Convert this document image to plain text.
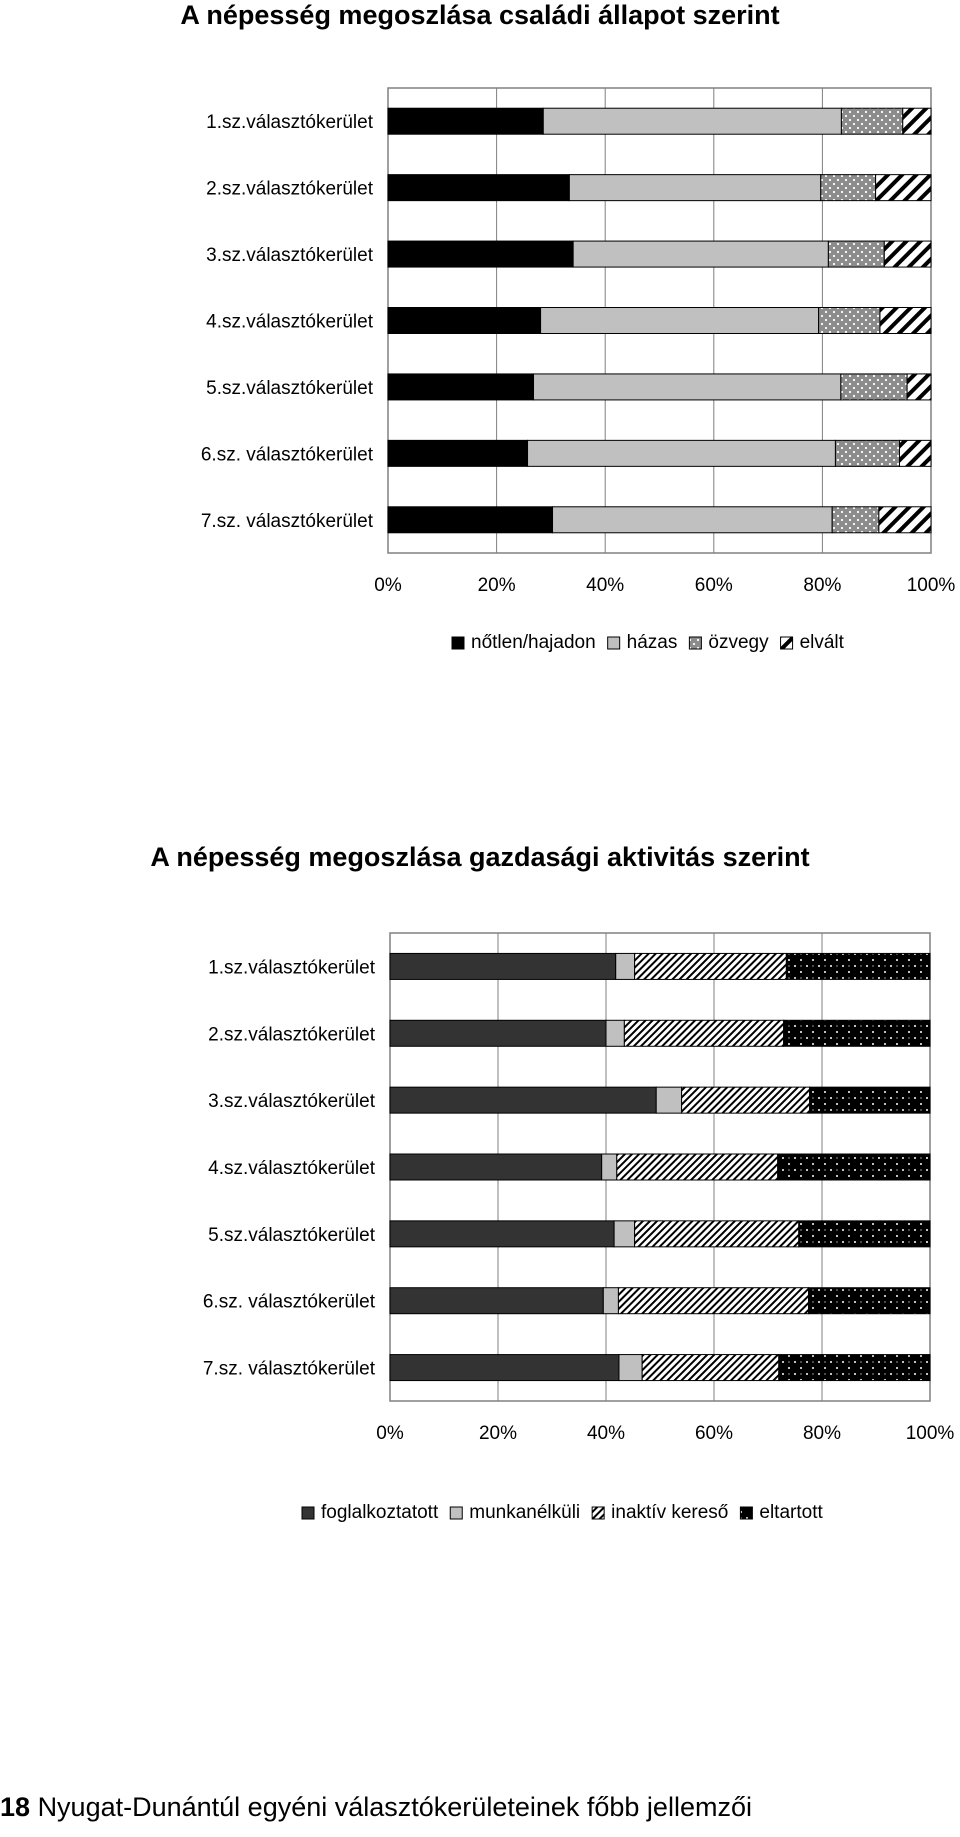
A népesség megoszlása családi állapot szerint
0%	20%	40%	60%	80%	100%
1.sz.választókerület
2.sz.választókerület
3.sz.választókerület
4.sz.választókerület
5.sz.választókerület
6.sz. választókerület
7.sz. választókerület
nőtlen/hajadon házas özvegy elvált
A népesség megoszlása gazdasági aktivitás szerint
0%	20%	40%	60%	80%	100%
1.sz.választókerület
2.sz.választókerület
3.sz.választókerület
4.sz.választókerület
5.sz.választókerület
6.sz. választókerület
7.sz. választókerület
foglalkoztatott munkanélküli inaktív kereső eltartott
18 Nyugat-Dunántúl egyéni választókerületeinek főbb jellemzői
